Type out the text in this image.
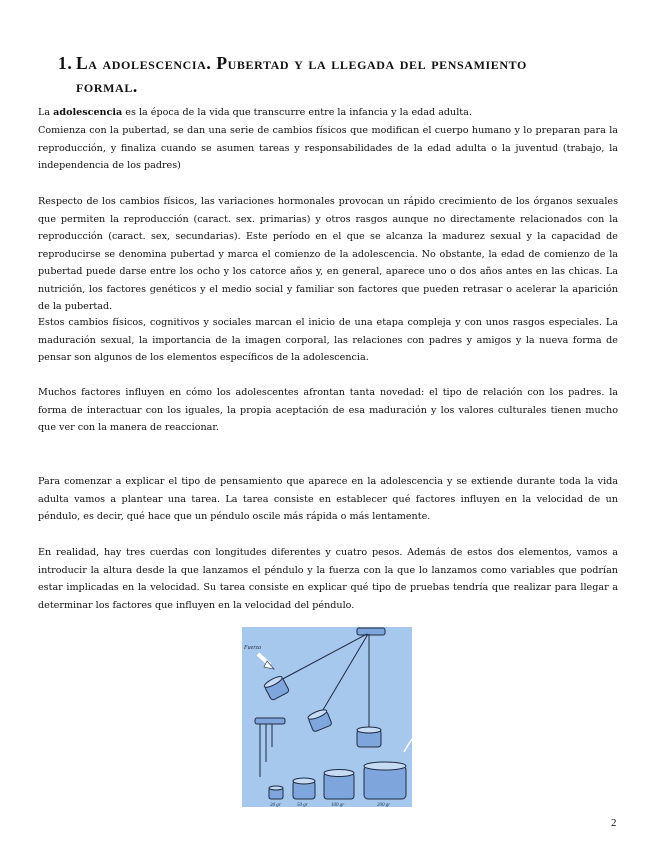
1. La adolescencia. Pubertad y la llegada del pensamiento
formal.

La adolescencia es la época de la vida que transcurre entre la infancia y la edad adulta.

Comienza con la pubertad, se dan una serie de cambios físicos que modifican el cuerpo humano y lo preparan para la reproducción, y finaliza cuando se asumen tareas y responsabilidades de la edad adulta o la juventud (trabajo, la independencia de los padres)

Respecto de los cambios físicos, las variaciones hormonales provocan un rápido crecimiento de los órganos sexuales que permiten la reproducción (caract. sex. primarias) y otros rasgos aunque no directamente relacionados con la reproducción (caract. sex, secundarias). Este período en el que se alcanza la madurez sexual y la capacidad de reproducirse se denomina pubertad y marca el comienzo de la adolescencia. No obstante, la edad de comienzo de la pubertad puede darse entre los ocho y los catorce años y, en general, aparece uno o dos años antes en las chicas. La nutrición, los factores genéticos y el medio social y familiar son factores que pueden retrasar o acelerar la aparición de la pubertad.

Estos cambios físicos, cognitivos y sociales marcan el inicio de una etapa compleja y con unos rasgos especiales. La maduración sexual, la importancia de la imagen corporal, las relaciones con padres y amigos y la nueva forma de pensar son algunos de los elementos específicos de la adolescencia.

Muchos factores influyen en cómo los adolescentes afrontan tanta novedad: el tipo de relación con los padres. la forma de interactuar con los iguales, la propia aceptación de esa maduración y los valores culturales tienen mucho que ver con la manera de reaccionar.

Para comenzar a explicar el tipo de pensamiento que aparece en la adolescencia y se extiende durante toda la vida adulta vamos a plantear una tarea. La tarea consiste en establecer qué factores influyen en la velocidad de un péndulo, es decir, qué hace que un péndulo oscile más rápida o más lentamente.

En realidad, hay tres cuerdas con longitudes diferentes y cuatro pesos. Además de estos dos elementos, vamos a introducir la altura desde la que lanzamos el péndulo y la fuerza con la que lo lanzamos como variables que podrían estar implicadas en la velocidad. Su tarea consiste en explicar qué tipo de pruebas tendría que realizar para llegar a determinar los factores que influyen en la velocidad del péndulo.

Fuerza
20 gr	50 gr	100 gr	200 gr
2
